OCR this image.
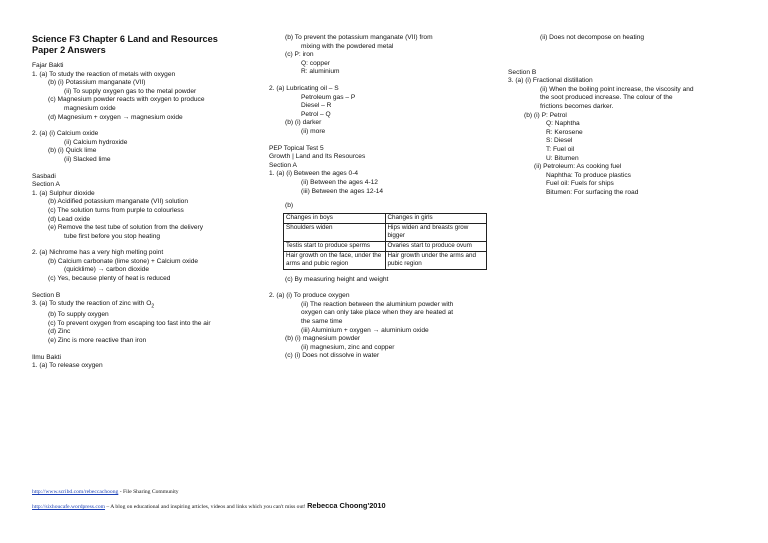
Science F3 Chapter 6 Land and Resources
Paper 2 Answers
Fajar Bakti
1. (a) To study the reaction of metals with oxygen
(b) (i) Potassium manganate (VII)
(ii) To supply oxygen gas to the metal powder
(c) Magnesium powder reacts with oxygen to produce
magnesium oxide
(d) Magnesium + oxygen → magnesium oxide
2. (a) (i) Calcium oxide
(ii) Calcium hydroxide
(b) (i) Quick lime
(ii) Slacked lime
Sasbadi
Section A
1. (a) Sulphur dioxide
(b) Acidified potassium manganate (VII) solution
(c) The solution turns from purple to colourless
(d) Lead oxide
(e) Remove the test tube of solution from the delivery
tube first before you stop heating
2. (a) Nichrome has a very high melting point
(b) Calcium carbonate (lime stone) + Calcium oxide
(quicklime) → carbon dioxide
(c) Yes, because plenty of heat is reduced
Section B
3. (a) To study the reaction of zinc with $O_2$
(b) To supply oxygen
(c) To prevent oxygen from escaping too fast into the air
(d) Zinc
(e) Zinc is more reactive than iron
Ilmu Bakti
1. (a) To release oxygen
(b) To prevent the potassium manganate (VII) from
mixing with the powdered metal
(c) P: iron
Q: copper
R: aluminium
2. (a) Lubricating oil – S
Petroleum gas – P
Diesel – R
Petrol – Q
(b) (i) darker
(ii) more
PEP Topical Test 5
Growth | Land and Its Resources
Section A
1. (a) (i) Between the ages 0-4
(ii) Between the ages 4-12
(iii) Between the ages 12-14
(b)
Changes in boys	Changes in girls
Shoulders widen	Hips widen and breasts grow bigger
Testis start to produce sperms	Ovaries start to produce ovum
Hair growth on the face, under the arms and pubic region	Hair growth under the arms and pubic region
(c) By measuring height and weight
2. (a) (i) To produce oxygen
(ii) The reaction between the aluminium powder with
oxygen can only take place when they are heated at
the same time
(iii) Aluminium + oxygen → aluminium oxide
(b) (i) magnesium powder
(ii) magnesium, zinc and copper
(c) (i) Does not dissolve in water
(ii) Does not decompose on heating
Section B
3. (a) (i) Fractional distillation
(ii) When the boiling point increase, the viscosity and
the soot produced increase. The colour of the
frictions becomes darker.
(b) (i) P: Petrol
Q: Naphtha
R: Kerosene
S: Diesel
T: Fuel oil
U: Bitumen
(ii) Petroleum: As cooking fuel
Naphtha: To produce plastics
Fuel oil: Fuels for ships
Bitumen: For surfacing the road
http://www.scribd.com/rebeccachoong - File Sharing Community
http://sixhoucafe.wordpress.com – A blog on educational and inspiring articles, videos and links which you can't miss out! Rebecca Choong'2010
